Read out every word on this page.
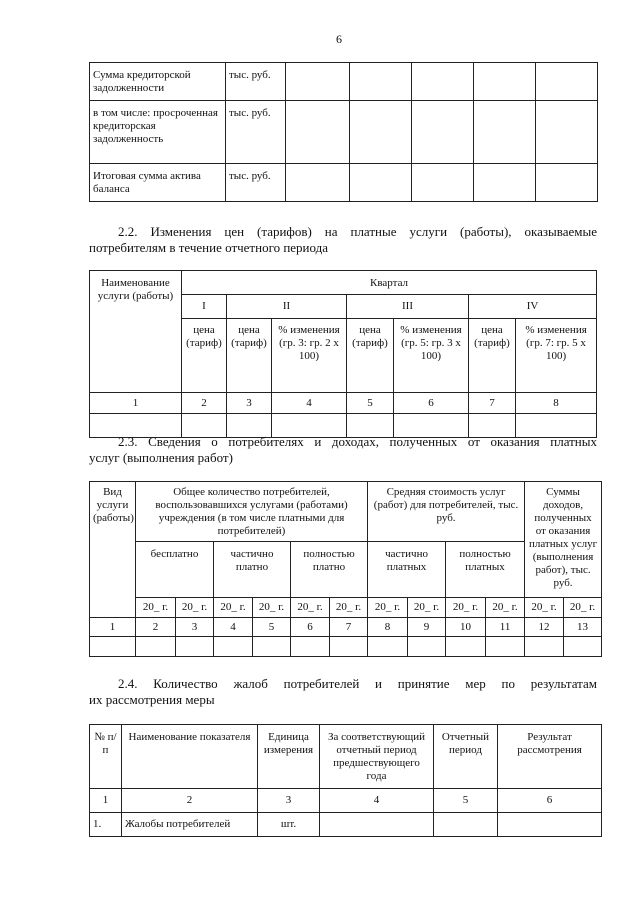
6
Сумма кредиторской задолженности	тыс. руб.					
в том числе: просроченная кредиторская задолженность	тыс. руб.					
Итоговая сумма актива баланса	тыс. руб.					
2.2. Изменения цен (тарифов) на платные услуги (работы), оказываемые
потребителям в течение отчетного периода
Наименование услуги (работы)	Квартал						
	I	II		III		IV	
	цена (тариф)	цена (тариф)	% изменения (гр. 3: гр. 2 x 100)	цена (тариф)	% изменения (гр. 5: гр. 3 x 100)	цена (тариф)	% изменения (гр. 7: гр. 5 x 100)
1	2	3	4	5	6	7	8

2.3. Сведения о потребителях и доходах, полученных от оказания платных
услуг (выполнения работ)
Вид услуги (работы)	Общее количество потребителей, воспользовавшихся услугами (работами) учреждения (в том числе платными для потребителей)						Средняя стоимость услуг (работ) для потребителей, тыс. руб.				Суммы доходов, полученных от оказания платных услуг (выполнения работ), тыс. руб.	
	бесплатно		частично платно		полностью платно		частично платных		полностью платных			
	20_ г.	20_ г.	20_ г.	20_ г.	20_ г.	20_ г.	20_ г.	20_ г.	20_ г.	20_ г.	20_ г.	20_ г.
1	2	3	4	5	6	7	8	9	10	11	12	13

2.4. Количество жалоб потребителей и принятие мер по результатам
их рассмотрения меры
№ п/п	Наименование показателя	Единица измерения	За соответствующий отчетный период предшествующего года	Отчетный период	Результат рассмотрения
1	2	3	4	5	6
1.	Жалобы потребителей	шт.			
